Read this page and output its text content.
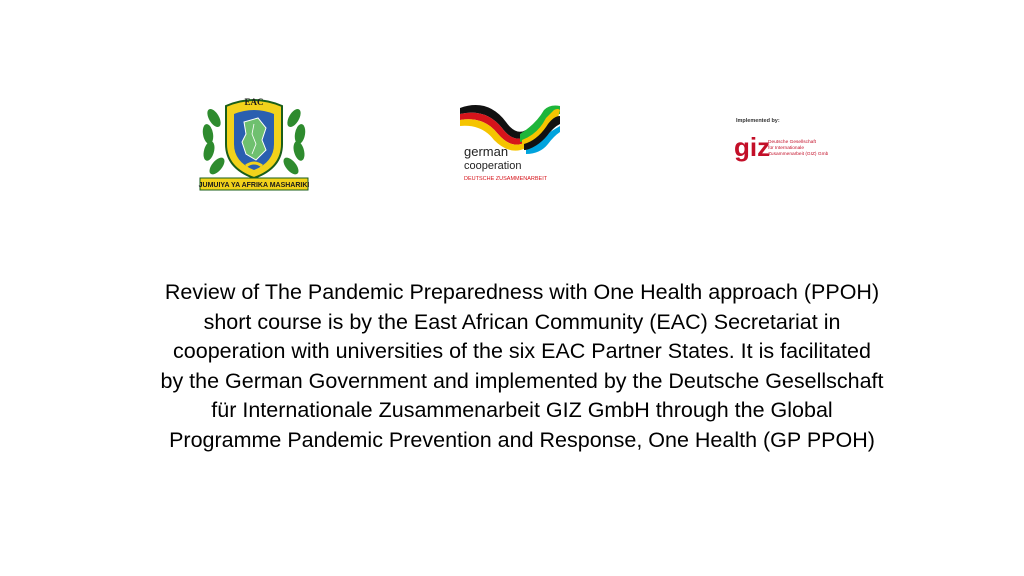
EAC
JUMUIYA YA AFRIKA MASHARIKI
german
cooperation
DEUTSCHE ZUSAMMENARBEIT
Implemented by:
giz
Deutsche Gesellschaft
für Internationale
Zusammenarbeit (GIZ) GmbH

Review of The Pandemic Preparedness with One Health approach (PPOH) short course is by the East African Community (EAC) Secretariat in cooperation with universities of the six EAC Partner States. It is facilitated by the German Government and implemented by the Deutsche Gesellschaft für Internationale Zusammenarbeit GIZ GmbH through the Global Programme Pandemic Prevention and Response, One Health (GP PPOH)
